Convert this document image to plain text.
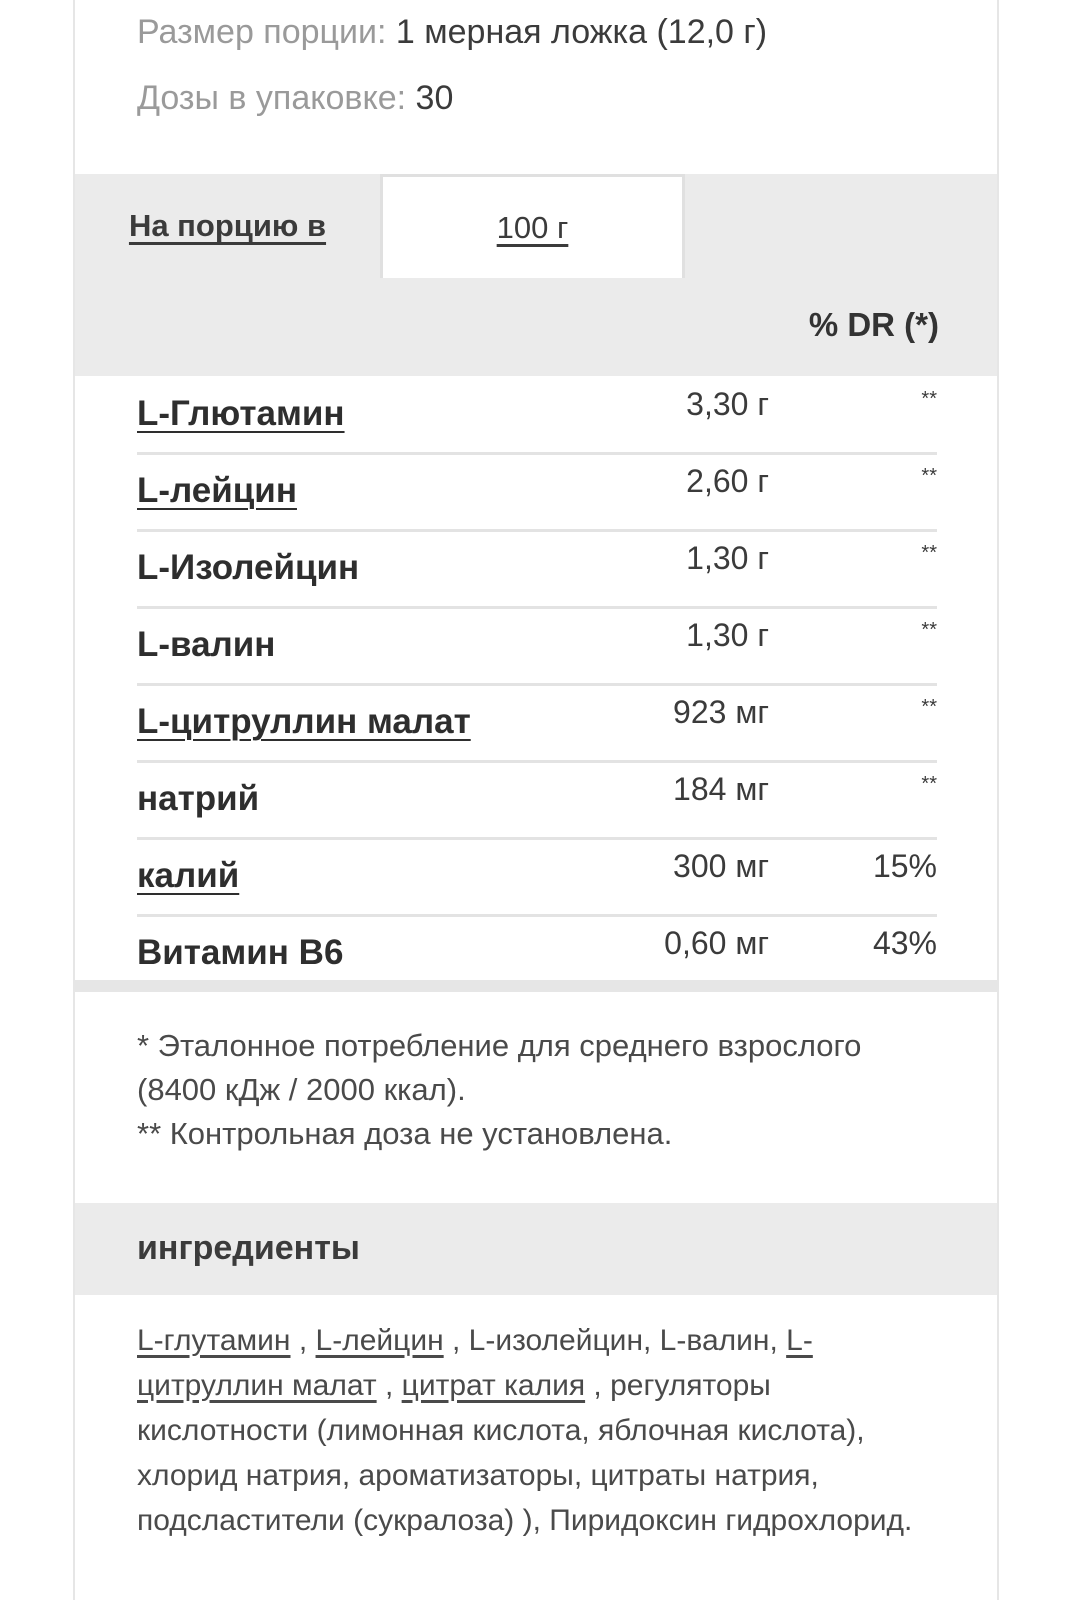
Размер порции: 1 мерная ложка (12,0 г)
Дозы в упаковке: 30
На порцию в	100 г
% DR (*)
L-Глютамин	3,30 г	**
L-лейцин	2,60 г	**
L-Изолейцин	1,30 г	**
L-валин	1,30 г	**
L-цитруллин малат	923 мг	**
натрий	184 мг	**
калий	300 мг	15%
Витамин В6	0,60 мг	43%
* Эталонное потребление для среднего взрослого (8400 кДж / 2000 ккал).
** Контрольная доза не установлена.
ингредиенты
L-глутамин , L-лейцин , L-изолейцин, L-валин, L-цитруллин малат , цитрат калия , регуляторы кислотности (лимонная кислота, яблочная кислота), хлорид натрия, ароматизаторы, цитраты натрия, подсластители (сукралоза) ), Пиридоксин гидрохлорид.
